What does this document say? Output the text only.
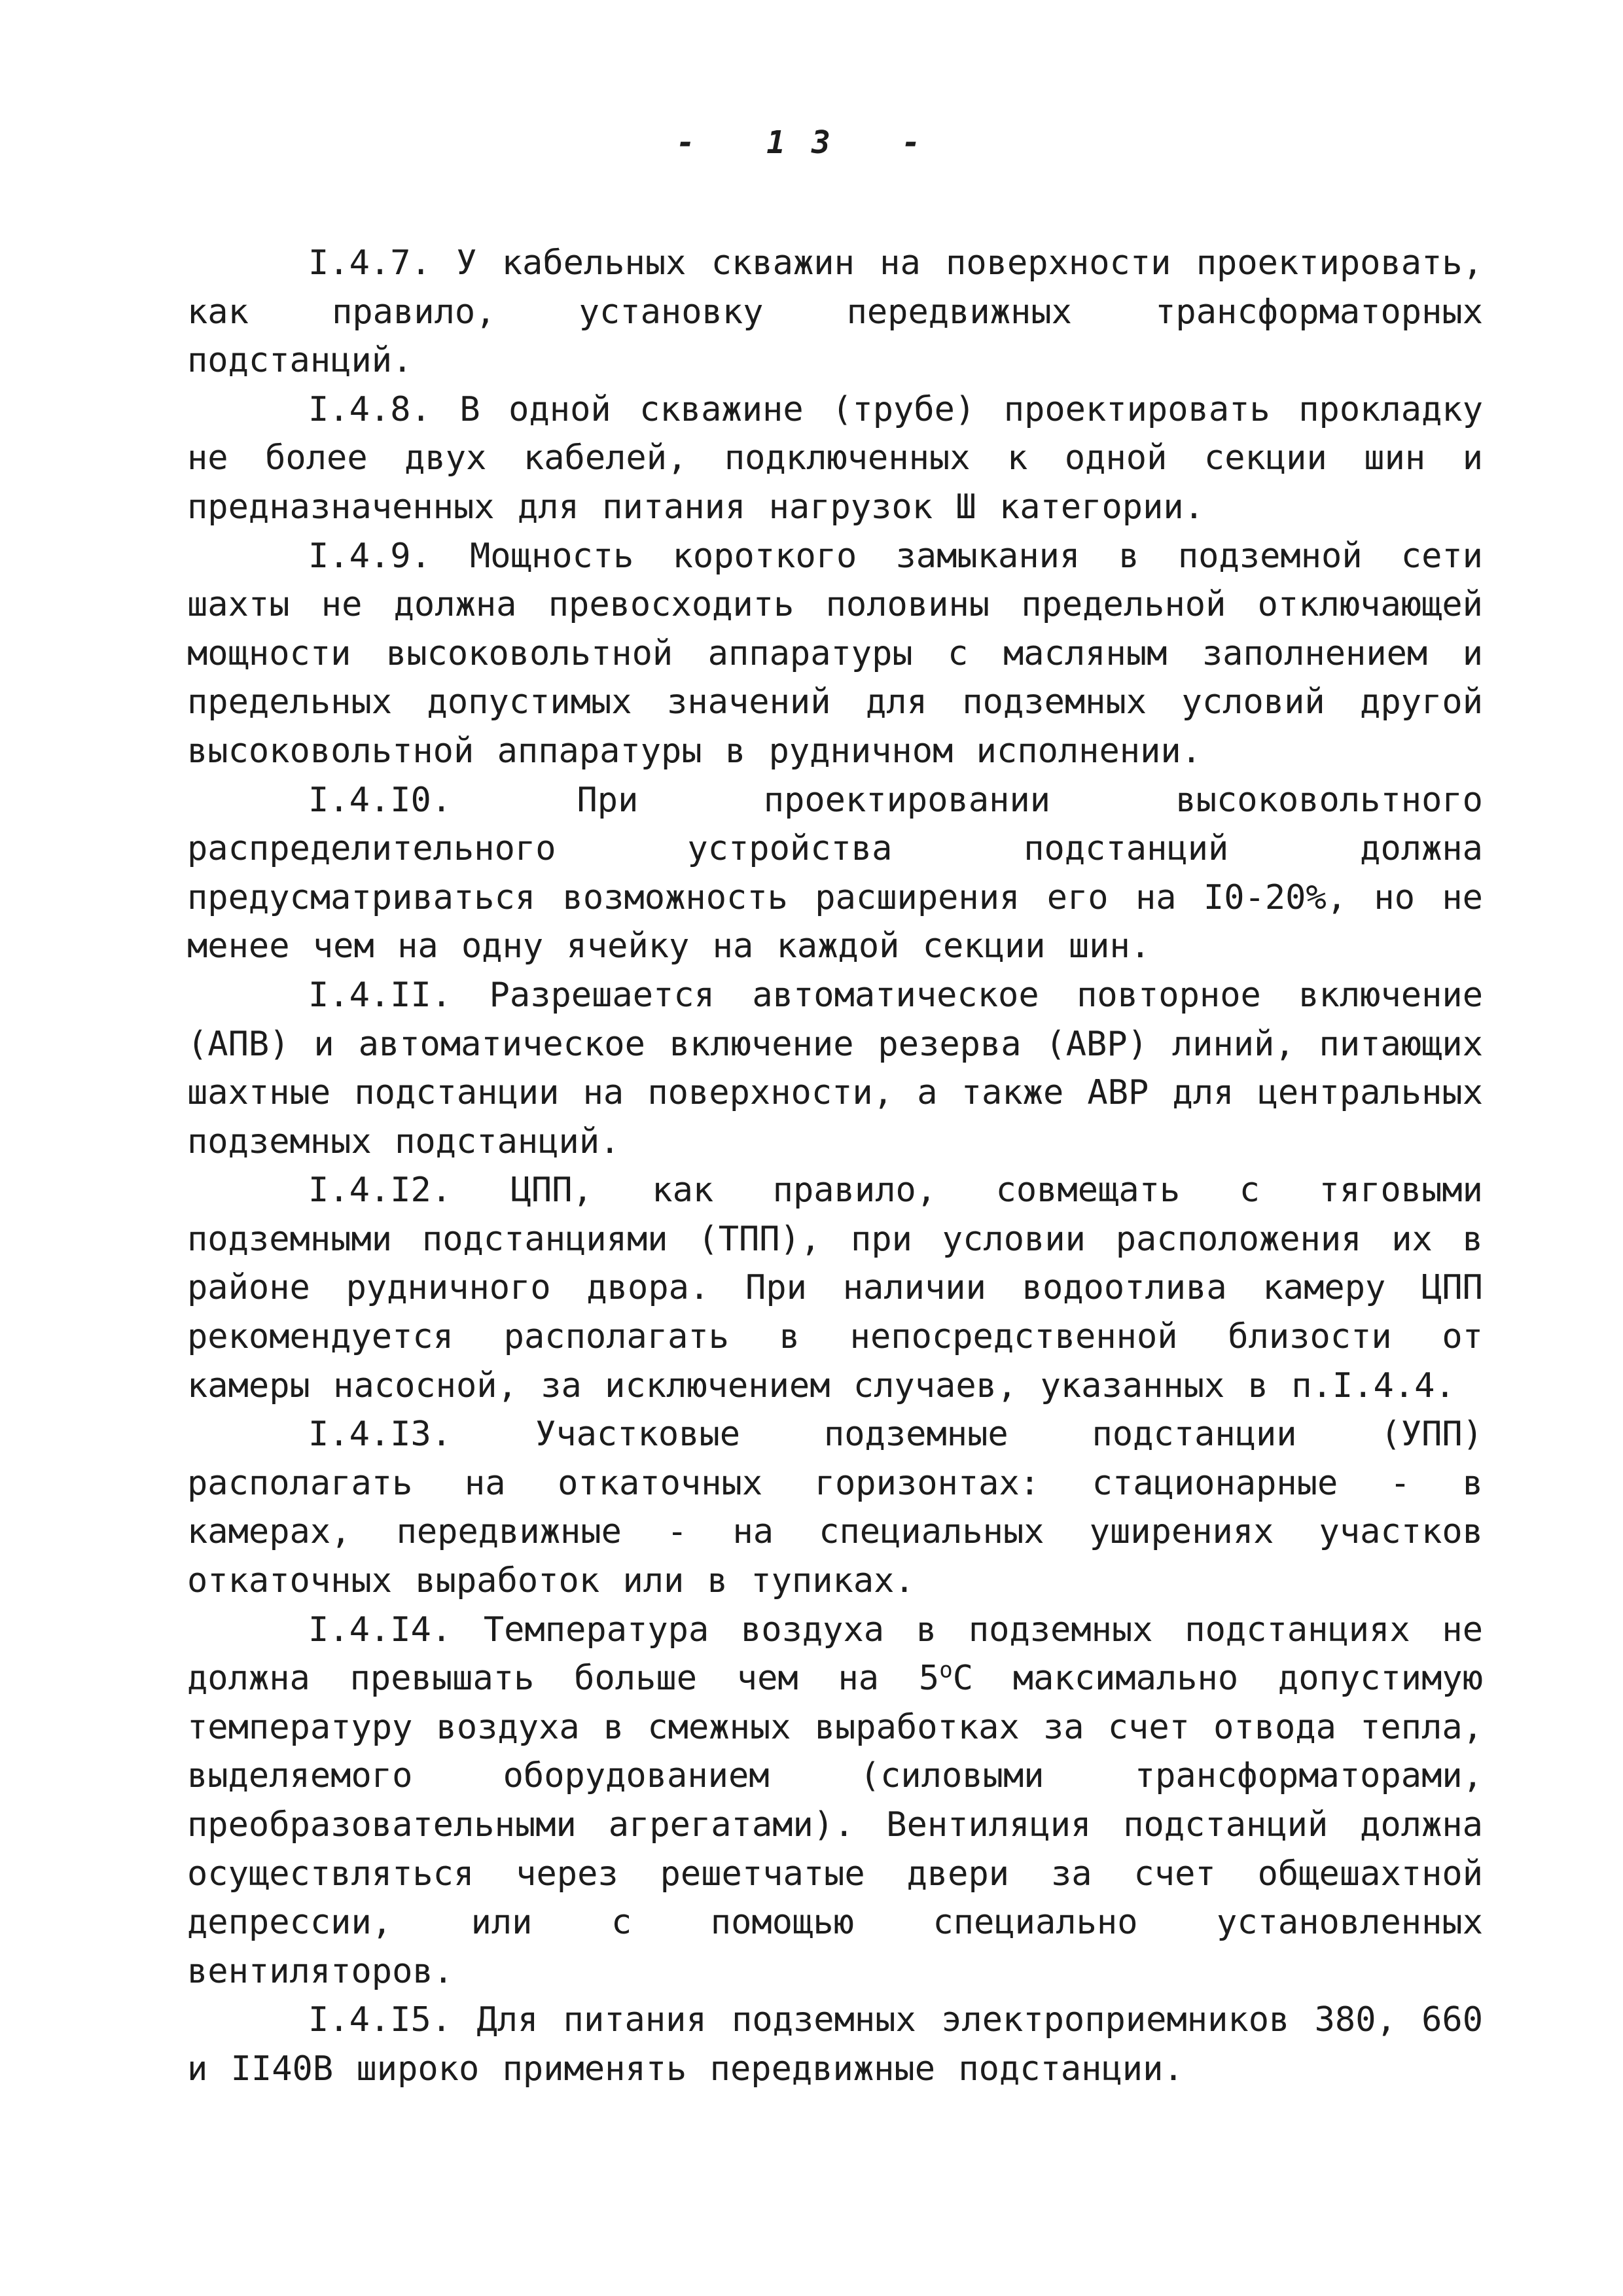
- 13 -

I.4.7. У кабельных скважин на поверхности проектировать, как правило, установку передвижных трансформаторных подстанций.

I.4.8. В одной скважине (трубе) проектировать прокладку не более двух кабелей, подключенных к одной секции шин и предназначенных для питания нагрузок Ш категории.

I.4.9. Мощность короткого замыкания в подземной сети шахты не должна превосходить половины предельной отключающей мощности высоковольтной аппаратуры с масляным заполнением и предельных допустимых значений для подземных условий другой высоковольтной аппаратуры в рудничном исполнении.

I.4.I0.	При проектировании высоковольтного распределительного устройства подстанций должна предусматриваться возможность расширения его на I0-20%, но не менее чем на одну ячейку на каждой секции шин.

I.4.II. Разрешается автоматическое повторное включение (АПВ) и автоматическое включение резерва (АВР) линий, питающих шахтные подстанции на поверхности, а также АВР для центральных подземных подстанций.

I.4.I2. ЦПП, как правило, совмещать с тяговыми подземными подстанциями (ТПП), при условии расположения их в районе рудничного двора. При наличии водоотлива камеру ЦПП рекомендуется располагать в непосредственной близости от камеры насосной, за исключением случаев, указанных в п.I.4.4.

I.4.I3. Участковые подземные подстанции (УПП) располагать на откаточных горизонтах: стационарные - в камерах, передвижные - на специальных уширениях участков откаточных выработок или в тупиках.

I.4.I4. Температура воздуха в подземных подстанциях не должна превышать больше чем на $5^оС$ максимально допустимую температуру воздуха в смежных выработках за счет отвода тепла, выделяемого оборудованием (силовыми трансформаторами, преобразовательными агрегатами). Вентиляция подстанций должна осуществляться через решетчатые двери за счет общешахтной депрессии, или с помощью специально установленных вентиляторов.

I.4.I5. Для питания подземных электроприемников 380, 660 и II40В широко применять передвижные подстанции.
